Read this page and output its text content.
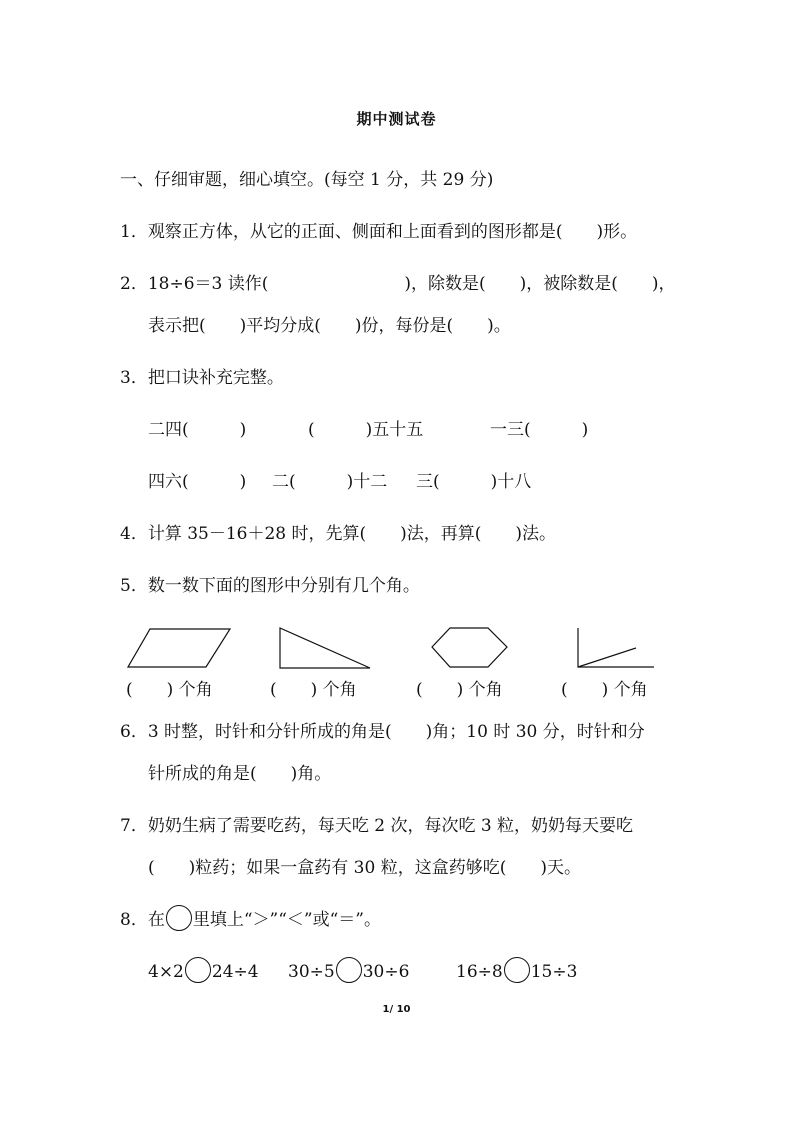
期中测试卷
一、仔细审题，细心填空。(每空 1 分，共 29 分)
1．观察正方体，从它的正面、侧面和上面看到的图形都是(　　)形。
2．18÷6＝3 读作(　　　　　　　　)，除数是(　　)，被除数是(　　)，
表示把(　　)平均分成(　　)份，每份是(　　)。
3．把口诀补充完整。
二四(　　　)	(　　　)五十五	一三(　　　)
四六(　　　) 二(　　　)十二 三(　　　)十八
4．计算 35－16＋28 时，先算(　　)法，再算(　　)法。
5．数一数下面的图形中分别有几个角。
(　　) 个角	(　　) 个角	(　　) 个角	(　　) 个角
6．3 时整，时针和分针所成的角是(　　)角；10 时 30 分，时针和分
针所成的角是(　　)角。
7．奶奶生病了需要吃药，每天吃 2 次，每次吃 3 粒，奶奶每天要吃
(　　)粒药；如果一盒药有 30 粒，这盒药够吃(　　)天。
8．在 里填上“＞”“＜”或“＝”。
4×2 24÷4 30÷5 30÷6	16÷8 15÷3
1/ 10
